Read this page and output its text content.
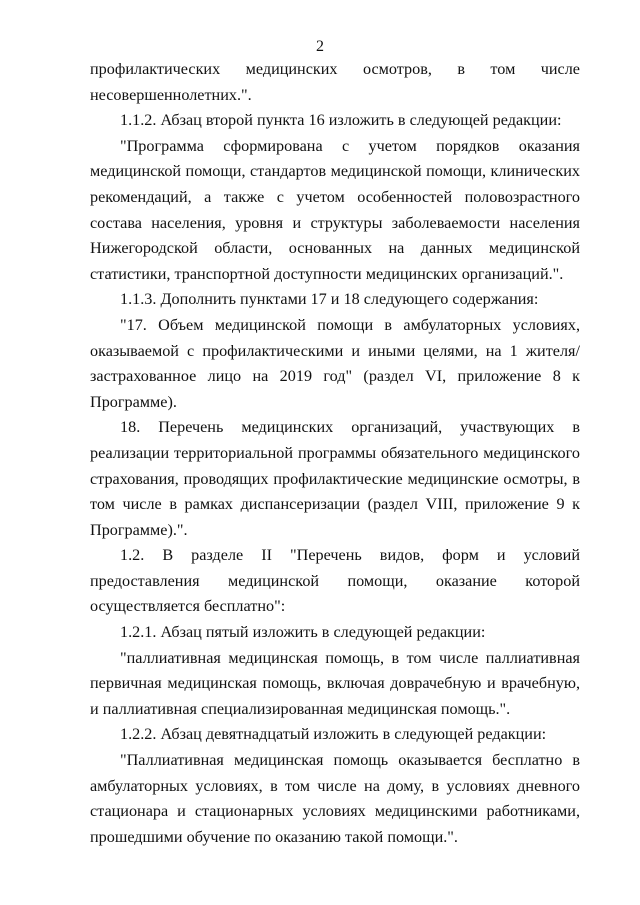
2

профилактических медицинских осмотров, в том числе

несовершеннолетних.".

1.1.2. Абзац второй пункта 16 изложить в следующей редакции:

"Программа сформирована с учетом порядков оказания медицинской помощи, стандартов медицинской помощи, клинических рекомендаций, а также с учетом особенностей половозрастного состава населения, уровня и структуры заболеваемости населения Нижегородской области, основанных на данных медицинской статистики, транспортной доступности медицинских организаций.".

1.1.3. Дополнить пунктами 17 и 18 следующего содержания:

"17. Объем медицинской помощи в амбулаторных условиях, оказываемой с профилактическими и иными целями, на 1 жителя/застрахованное лицо на 2019 год" (раздел VI, приложение 8 к Программе).

18. Перечень медицинских организаций, участвующих в реализации территориальной программы обязательного медицинского страхования, проводящих профилактические медицинские осмотры, в том числе в рамках диспансеризации (раздел VIII, приложение 9 к Программе).".

1.2. В разделе II "Перечень видов, форм и условий предоставления медицинской помощи, оказание которой осуществляется бесплатно":

1.2.1. Абзац пятый изложить в следующей редакции:

"паллиативная медицинская помощь, в том числе паллиативная первичная медицинская помощь, включая доврачебную и врачебную, и паллиативная специализированная медицинская помощь.".

1.2.2. Абзац девятнадцатый изложить в следующей редакции:

"Паллиативная медицинская помощь оказывается бесплатно в амбулаторных условиях, в том числе на дому, в условиях дневного стационара и стационарных условиях медицинскими работниками, прошедшими обучение по оказанию такой помощи.".
